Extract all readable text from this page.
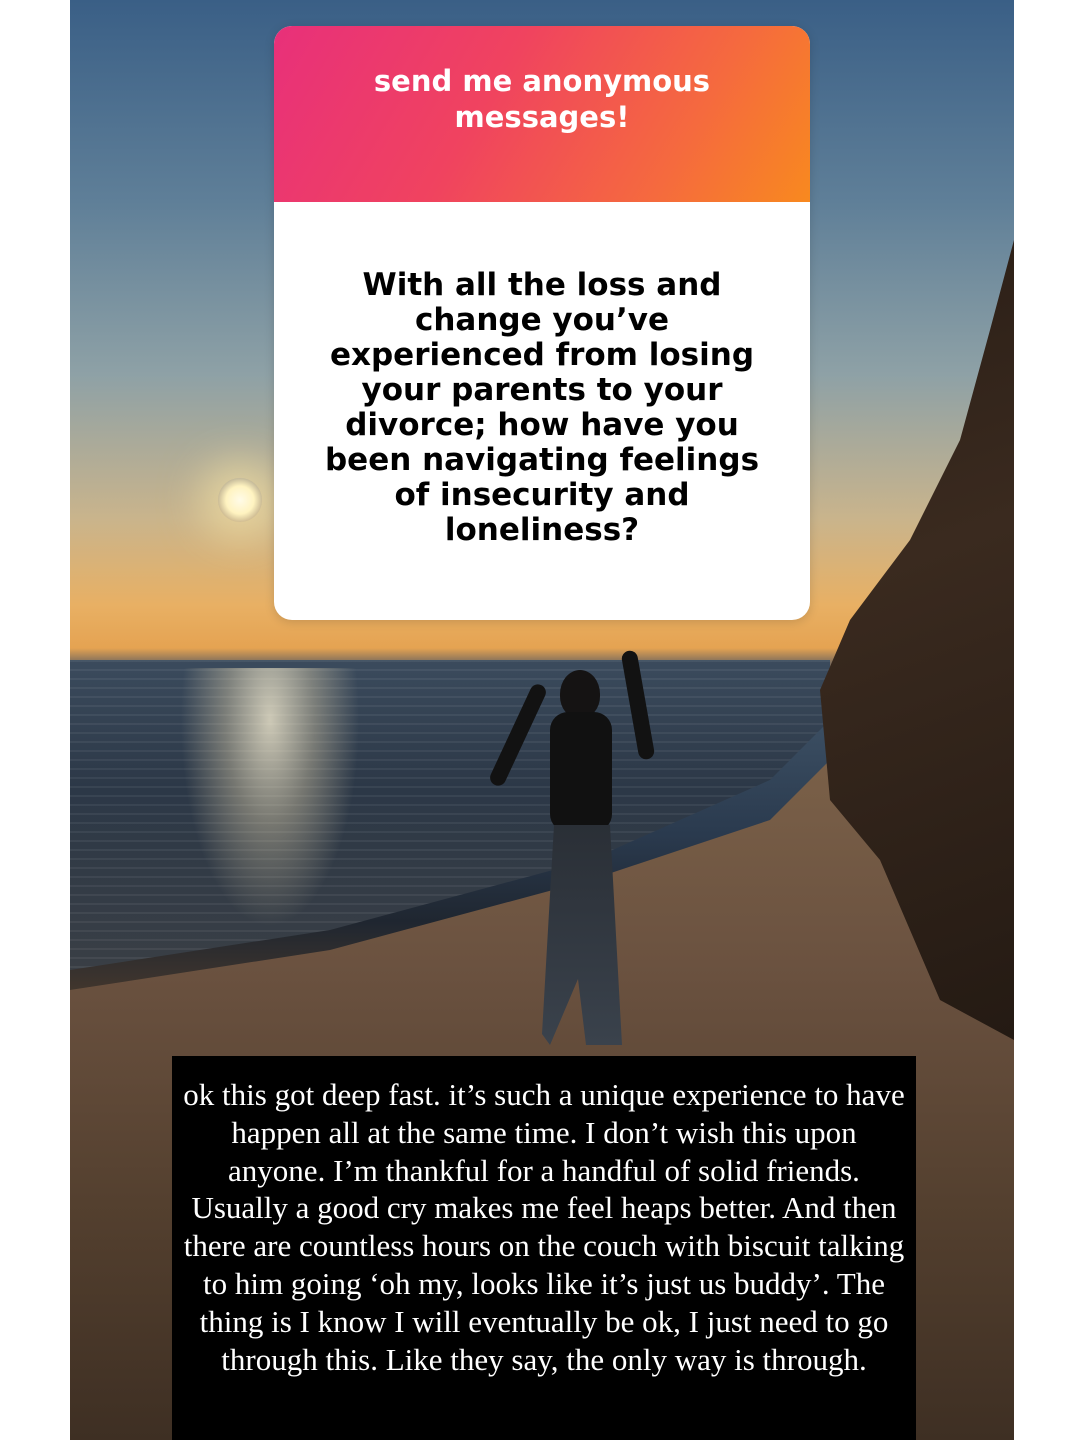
send me anonymous messages!
With all the loss and change you’ve experienced from losing your parents to your divorce; how have you been navigating feelings of insecurity and loneliness?
ok this got deep fast. it’s such a unique experience to have happen all at the same time. I don’t wish this upon anyone. I’m thankful for a handful of solid friends. Usually a good cry makes me feel heaps better. And then there are countless hours on the couch with biscuit talking to him going ‘oh my, looks like it’s just us buddy’. The thing is I know I will eventually be ok, I just need to go through this. Like they say, the only way is through.
